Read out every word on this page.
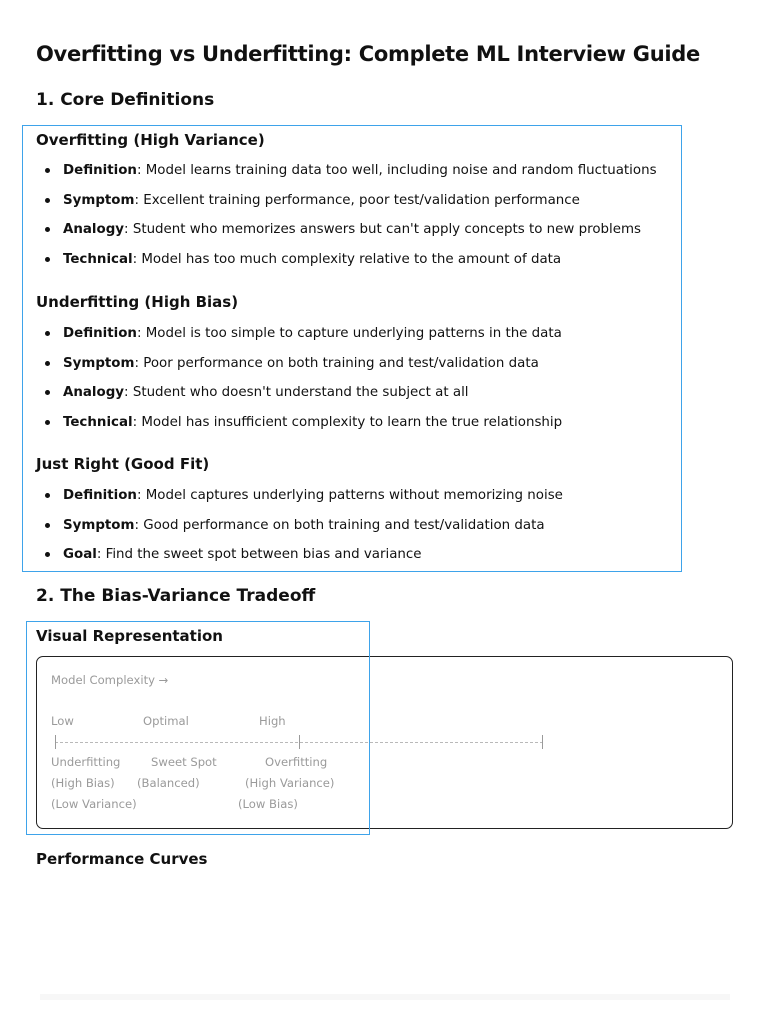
Overfitting vs Underfitting: Complete ML Interview Guide
1. Core Definitions
Overfitting (High Variance)
Definition: Model learns training data too well, including noise and random fluctuations
Symptom: Excellent training performance, poor test/validation performance
Analogy: Student who memorizes answers but can't apply concepts to new problems
Technical: Model has too much complexity relative to the amount of data
Underfitting (High Bias)
Definition: Model is too simple to capture underlying patterns in the data
Symptom: Poor performance on both training and test/validation data
Analogy: Student who doesn't understand the subject at all
Technical: Model has insufficient complexity to learn the true relationship
Just Right (Good Fit)
Definition: Model captures underlying patterns without memorizing noise
Symptom: Good performance on both training and test/validation data
Goal: Find the sweet spot between bias and variance
2. The Bias-Variance Tradeoff
Visual Representation
Model Complexity →
Low	Optimal	High
Underfitting	Sweet Spot	Overfitting
(High Bias) (Balanced)	(High Variance)
(Low Variance)	(Low Bias)
Performance Curves
